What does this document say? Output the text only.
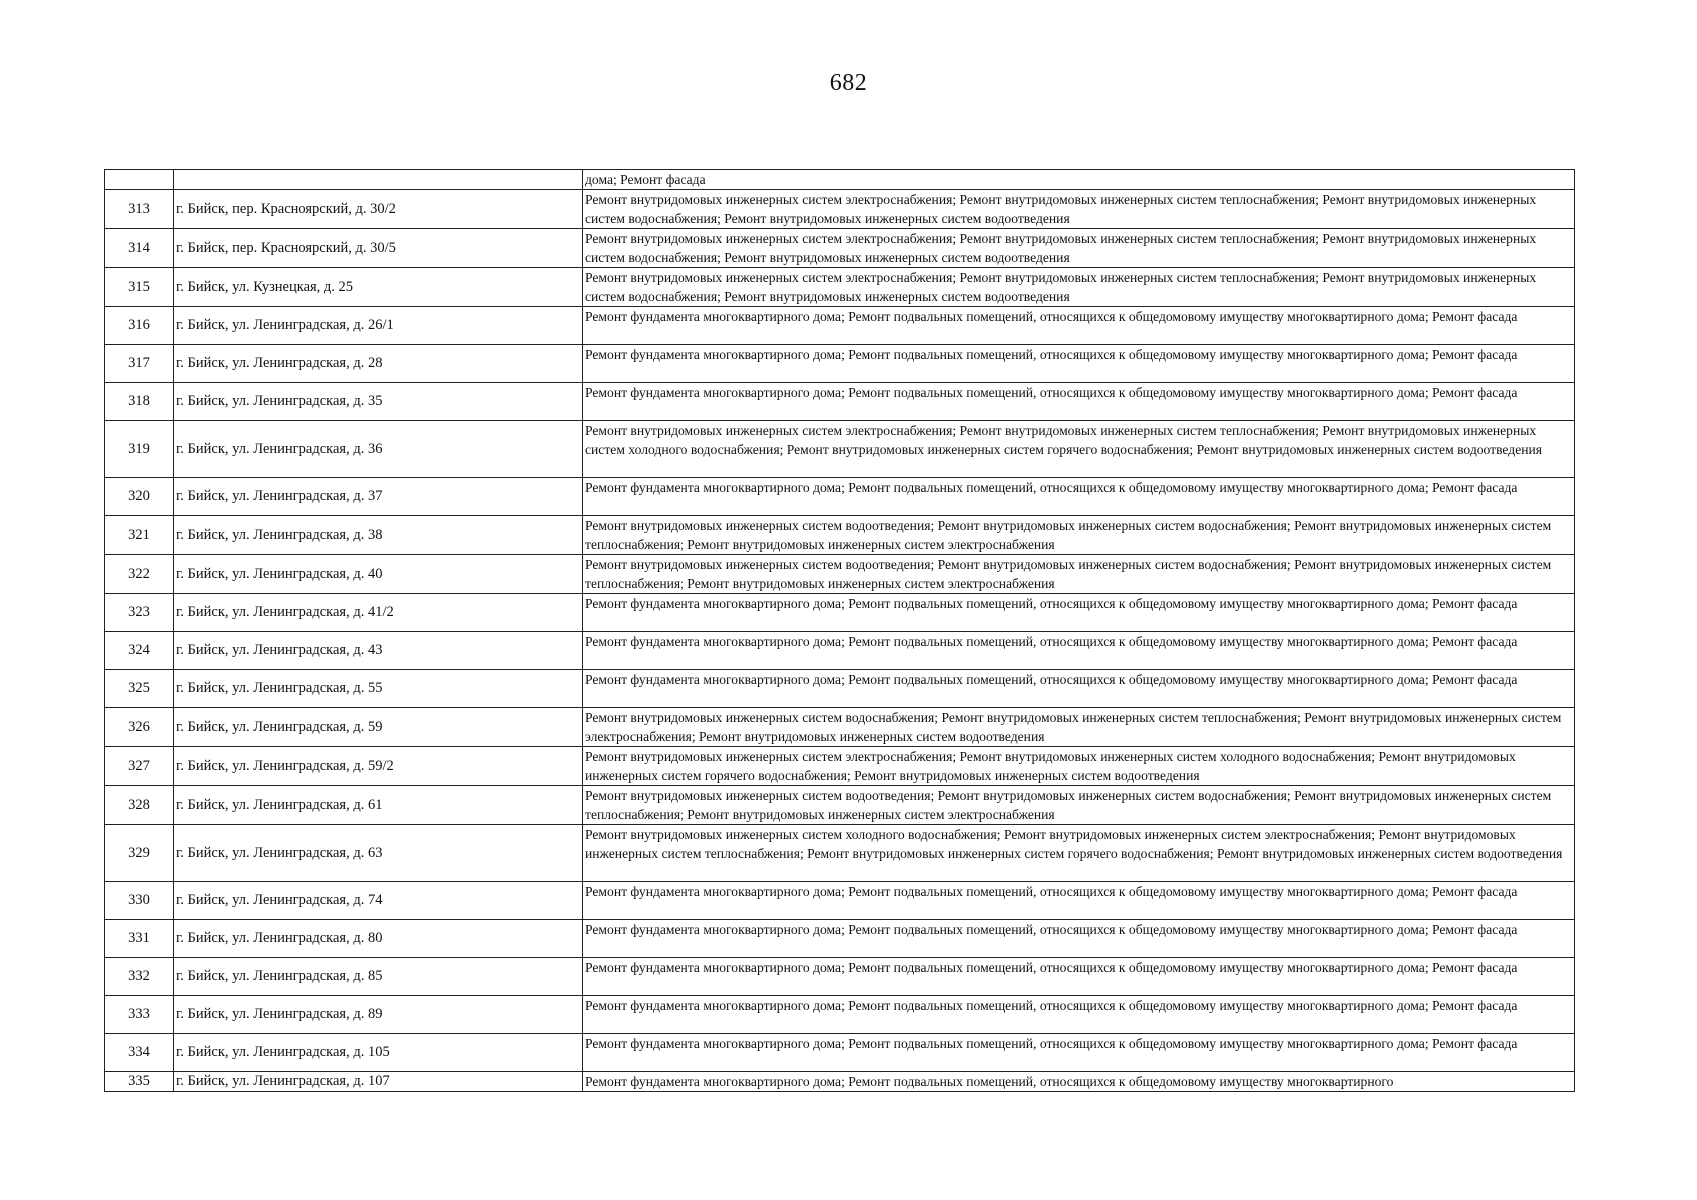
682
		дома; Ремонт фасада
313	г. Бийск, пер. Красноярский, д. 30/2	Ремонт внутридомовых инженерных систем электроснабжения; Ремонт внутридомовых инженерных систем теплоснабжения; Ремонт внутридомовых инженерных систем водоснабжения; Ремонт внутридомовых инженерных систем водоотведения
314	г. Бийск, пер. Красноярский, д. 30/5	Ремонт внутридомовых инженерных систем электроснабжения; Ремонт внутридомовых инженерных систем теплоснабжения; Ремонт внутридомовых инженерных систем водоснабжения; Ремонт внутридомовых инженерных систем водоотведения
315	г. Бийск, ул. Кузнецкая, д. 25	Ремонт внутридомовых инженерных систем электроснабжения; Ремонт внутридомовых инженерных систем теплоснабжения; Ремонт внутридомовых инженерных систем водоснабжения; Ремонт внутридомовых инженерных систем водоотведения
316	г. Бийск, ул. Ленинградская, д. 26/1	Ремонт фундамента многоквартирного дома; Ремонт подвальных помещений, относящихся к общедомовому имуществу многоквартирного дома; Ремонт фасада
317	г. Бийск, ул. Ленинградская, д. 28	Ремонт фундамента многоквартирного дома; Ремонт подвальных помещений, относящихся к общедомовому имуществу многоквартирного дома; Ремонт фасада
318	г. Бийск, ул. Ленинградская, д. 35	Ремонт фундамента многоквартирного дома; Ремонт подвальных помещений, относящихся к общедомовому имуществу многоквартирного дома; Ремонт фасада
319	г. Бийск, ул. Ленинградская, д. 36	Ремонт внутридомовых инженерных систем электроснабжения; Ремонт внутридомовых инженерных систем теплоснабжения; Ремонт внутридомовых инженерных систем холодного водоснабжения; Ремонт внутридомовых инженерных систем горячего водоснабжения; Ремонт внутридомовых инженерных систем водоотведения
320	г. Бийск, ул. Ленинградская, д. 37	Ремонт фундамента многоквартирного дома; Ремонт подвальных помещений, относящихся к общедомовому имуществу многоквартирного дома; Ремонт фасада
321	г. Бийск, ул. Ленинградская, д. 38	Ремонт внутридомовых инженерных систем водоотведения; Ремонт внутридомовых инженерных систем водоснабжения; Ремонт внутридомовых инженерных систем теплоснабжения; Ремонт внутридомовых инженерных систем электроснабжения
322	г. Бийск, ул. Ленинградская, д. 40	Ремонт внутридомовых инженерных систем водоотведения; Ремонт внутридомовых инженерных систем водоснабжения; Ремонт внутридомовых инженерных систем теплоснабжения; Ремонт внутридомовых инженерных систем электроснабжения
323	г. Бийск, ул. Ленинградская, д. 41/2	Ремонт фундамента многоквартирного дома; Ремонт подвальных помещений, относящихся к общедомовому имуществу многоквартирного дома; Ремонт фасада
324	г. Бийск, ул. Ленинградская, д. 43	Ремонт фундамента многоквартирного дома; Ремонт подвальных помещений, относящихся к общедомовому имуществу многоквартирного дома; Ремонт фасада
325	г. Бийск, ул. Ленинградская, д. 55	Ремонт фундамента многоквартирного дома; Ремонт подвальных помещений, относящихся к общедомовому имуществу многоквартирного дома; Ремонт фасада
326	г. Бийск, ул. Ленинградская, д. 59	Ремонт внутридомовых инженерных систем водоснабжения; Ремонт внутридомовых инженерных систем теплоснабжения; Ремонт внутридомовых инженерных систем электроснабжения; Ремонт внутридомовых инженерных систем водоотведения
327	г. Бийск, ул. Ленинградская, д. 59/2	Ремонт внутридомовых инженерных систем электроснабжения; Ремонт внутридомовых инженерных систем холодного водоснабжения; Ремонт внутридомовых инженерных систем горячего водоснабжения; Ремонт внутридомовых инженерных систем водоотведения
328	г. Бийск, ул. Ленинградская, д. 61	Ремонт внутридомовых инженерных систем водоотведения; Ремонт внутридомовых инженерных систем водоснабжения; Ремонт внутридомовых инженерных систем теплоснабжения; Ремонт внутридомовых инженерных систем электроснабжения
329	г. Бийск, ул. Ленинградская, д. 63	Ремонт внутридомовых инженерных систем холодного водоснабжения; Ремонт внутридомовых инженерных систем электроснабжения; Ремонт внутридомовых инженерных систем теплоснабжения; Ремонт внутридомовых инженерных систем горячего водоснабжения; Ремонт внутридомовых инженерных систем водоотведения
330	г. Бийск, ул. Ленинградская, д. 74	Ремонт фундамента многоквартирного дома; Ремонт подвальных помещений, относящихся к общедомовому имуществу многоквартирного дома; Ремонт фасада
331	г. Бийск, ул. Ленинградская, д. 80	Ремонт фундамента многоквартирного дома; Ремонт подвальных помещений, относящихся к общедомовому имуществу многоквартирного дома; Ремонт фасада
332	г. Бийск, ул. Ленинградская, д. 85	Ремонт фундамента многоквартирного дома; Ремонт подвальных помещений, относящихся к общедомовому имуществу многоквартирного дома; Ремонт фасада
333	г. Бийск, ул. Ленинградская, д. 89	Ремонт фундамента многоквартирного дома; Ремонт подвальных помещений, относящихся к общедомовому имуществу многоквартирного дома; Ремонт фасада
334	г. Бийск, ул. Ленинградская, д. 105	Ремонт фундамента многоквартирного дома; Ремонт подвальных помещений, относящихся к общедомовому имуществу многоквартирного дома; Ремонт фасада
335	г. Бийск, ул. Ленинградская, д. 107	Ремонт фундамента многоквартирного дома; Ремонт подвальных помещений, относящихся к общедомовому имуществу многоквартирного
